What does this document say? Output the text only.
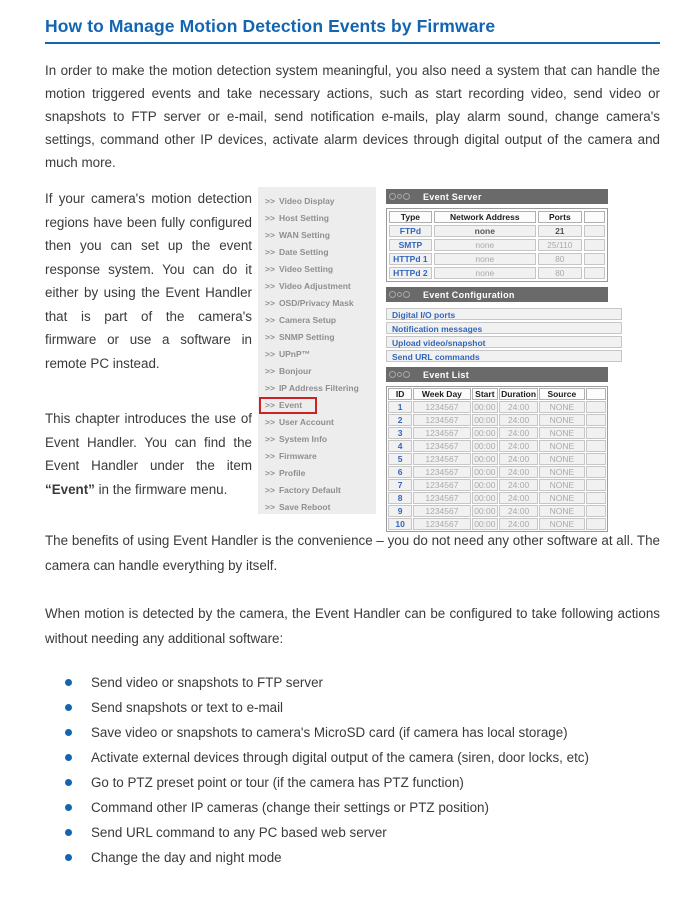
How to Manage Motion Detection Events by Firmware

In order to make the motion detection system meaningful, you also need a system that can handle the motion triggered events and take necessary actions, such as start recording video, send video or snapshots to FTP server or e-mail, send notification e-mails, play alarm sound, change camera's settings, command other IP devices, activate alarm devices through digital output of the camera and much more.

If your camera's motion detection regions have been fully configured then you can set up the event response system. You can do it either by using the Event Handler that is part of the camera's firmware or use a software in remote PC instead.

This chapter introduces the use of Event Handler. You can find the Event Handler under the item “Event” in the firmware menu.

>> Video Display
>> Host Setting
>> WAN Setting
>> Date Setting
>> Video Setting
>> Video Adjustment
>> OSD/Privacy Mask
>> Camera Setup
>> SNMP Setting
>> UPnP™
>> Bonjour
>> IP Address Filtering
>> Event
>> User Account
>> System Info
>> Firmware
>> Profile
>> Factory Default
>> Save Reboot
Event Server
Type	Network Address	Ports	
FTPd	none	21	
SMTP	none	25/110	
HTTPd 1	none	80	
HTTPd 2	none	80	
Event Configuration
Digital I/O ports
Notification messages
Upload video/snapshot
Send URL commands
Event List
ID	Week Day	Start	Duration	Source	
1	1234567	00:00	24:00	NONE	
2	1234567	00:00	24:00	NONE	
3	1234567	00:00	24:00	NONE	
4	1234567	00:00	24:00	NONE	
5	1234567	00:00	24:00	NONE	
6	1234567	00:00	24:00	NONE	
7	1234567	00:00	24:00	NONE	
8	1234567	00:00	24:00	NONE	
9	1234567	00:00	24:00	NONE	
10	1234567	00:00	24:00	NONE	

The benefits of using Event Handler is the convenience – you do not need any other software at all. The camera can handle everything by itself.

When motion is detected by the camera, the Event Handler can be configured to take following actions without needing any additional software:

Send video or snapshots to FTP server
Send snapshots or text to e-mail
Save video or snapshots to camera's MicroSD card (if camera has local storage)
Activate external devices through digital output of the camera (siren, door locks, etc)
Go to PTZ preset point or tour (if the camera has PTZ function)
Command other IP cameras (change their settings or PTZ position)
Send URL command to any PC based web server
Change the day and night mode
